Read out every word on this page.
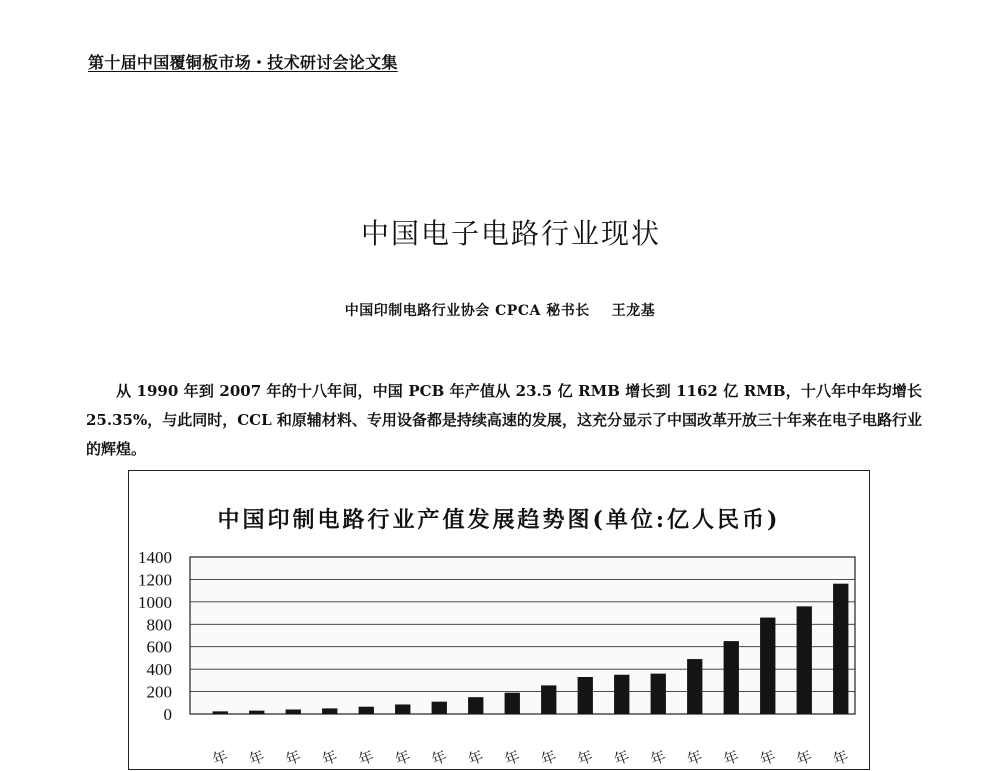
第十届中国覆铜板市场・技术研讨会论文集
中国电子电路行业现状
中国印制电路行业协会 CPCA 秘书长 王龙基

从 1990 年到 2007 年的十八年间，中国 PCB 年产值从 23.5 亿 RMB 增长到 1162 亿 RMB，十八年中年均增长 25.35%，与此同时，CCL 和原辅材料、专用设备都是持续高速的发展，这充分显示了中国改革开放三十年来在电子电路行业的辉煌。

中国印制电路行业产值发展趋势图(单位:亿人民币)
0
200
400
600
800
1000
1200
1400
年 年 年 年 年 年 年 年 年 年 年 年 年 年 年 年 年 年
